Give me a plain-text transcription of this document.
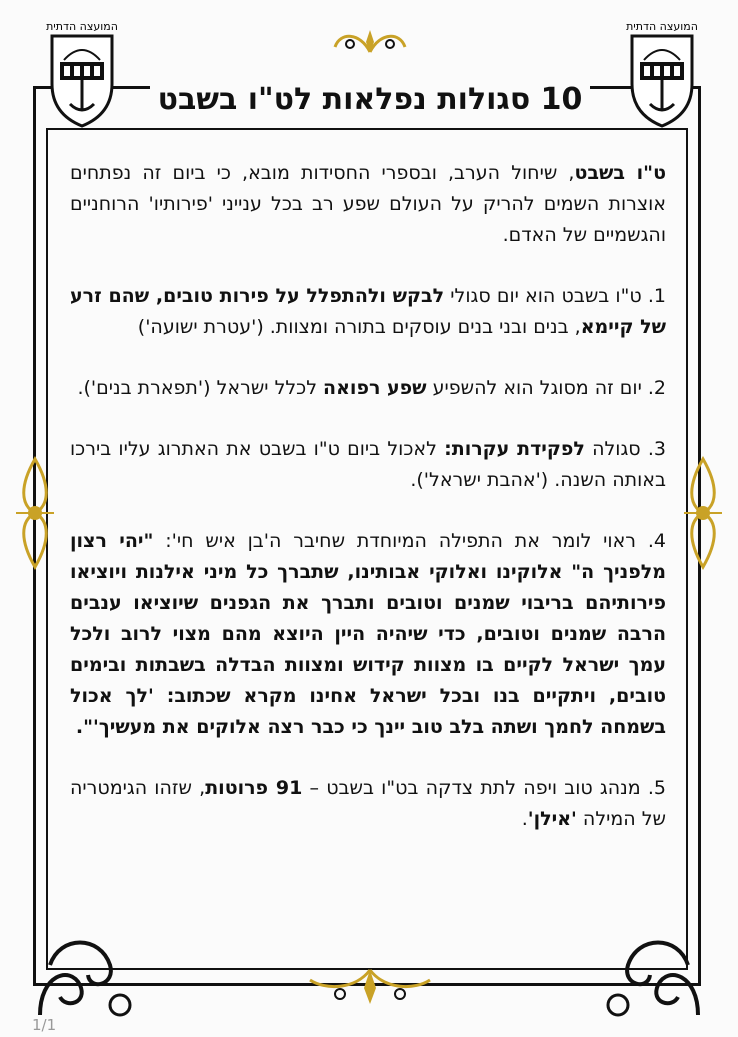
המועצה הדתית	המועצה הדתית
10 סגולות נפלאות לט"ו בשבט

ט"ו בשבט, שיחול הערב, ובספרי החסידות מובא, כי ביום זה נפתחים אוצרות השמים להריק על העולם שפע רב בכל ענייני 'פירותיו' הרוחניים והגשמיים של האדם.

1. ט"ו בשבט הוא יום סגולי לבקש ולהתפלל על פירות טובים, שהם זרע של קיימא, בנים ובני בנים עוסקים בתורה ומצוות. ('עטרת ישועה')

2. יום זה מסוגל הוא להשפיע שפע רפואה לכלל ישראל ('תפארת בנים').

3. סגולה לפקידת עקרות: לאכול ביום ט"ו בשבט את האתרוג עליו בירכו באותה השנה. ('אהבת ישראל').

4. ראוי לומר את התפילה המיוחדת שחיבר ה'בן איש חי': "יהי רצון מלפניך ה" אלוקינו ואלוקי אבותינו, שתברך כל מיני אילנות ויוציאו פירותיהם בריבוי שמנים וטובים ותברך את הגפנים שיוציאו ענבים הרבה שמנים וטובים, כדי שיהיה היין היוצא מהם מצוי לרוב ולכל עמך ישראל לקיים בו מצוות קידוש ומצוות הבדלה בשבתות ובימים טובים, ויתקיים בנו ובכל ישראל אחינו מקרא שכתוב: 'לך אכול בשמחה לחמך ושתה בלב טוב יינך כי כבר רצה אלוקים את מעשיך'".

5. מנהג טוב ויפה לתת צדקה בט"ו בשבט – 91 פרוטות, שזהו הגימטריה של המילה 'אילן'.

1/1
